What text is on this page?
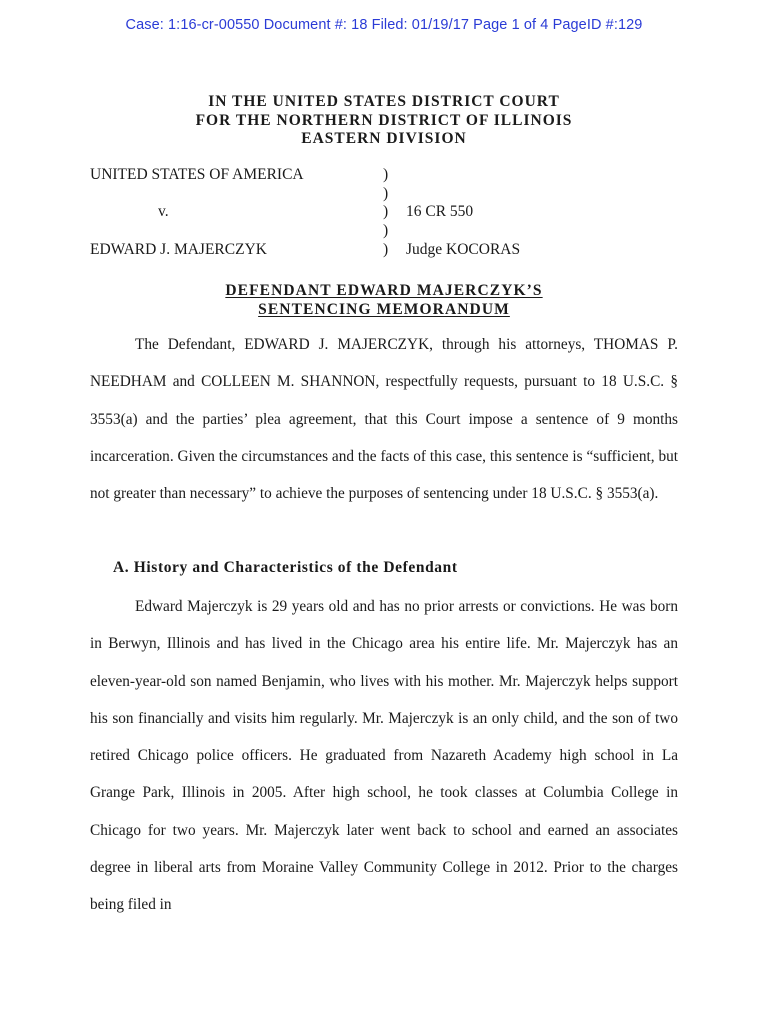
Case: 1:16-cr-00550 Document #: 18 Filed: 01/19/17 Page 1 of 4 PageID #:129
IN THE UNITED STATES DISTRICT COURT
FOR THE NORTHERN DISTRICT OF ILLINOIS
EASTERN DIVISION
UNITED STATES OF AMERICA	)
)
v.	) 16 CR 550
)
EDWARD J. MAJERCZYK	) Judge KOCORAS
DEFENDANT EDWARD MAJERCZYK’S
SENTENCING MEMORANDUM

The Defendant, EDWARD J. MAJERCZYK, through his attorneys, THOMAS P. NEEDHAM and COLLEEN M. SHANNON, respectfully requests, pursuant to 18 U.S.C. § 3553(a) and the parties’ plea agreement, that this Court impose a sentence of 9 months incarceration. Given the circumstances and the facts of this case, this sentence is “sufficient, but not greater than necessary” to achieve the purposes of sentencing under 18 U.S.C. § 3553(a).

A. History and Characteristics of the Defendant

Edward Majerczyk is 29 years old and has no prior arrests or convictions. He was born in Berwyn, Illinois and has lived in the Chicago area his entire life. Mr. Majerczyk has an eleven-year-old son named Benjamin, who lives with his mother. Mr. Majerczyk helps support his son financially and visits him regularly. Mr. Majerczyk is an only child, and the son of two retired Chicago police officers. He graduated from Nazareth Academy high school in La Grange Park, Illinois in 2005. After high school, he took classes at Columbia College in Chicago for two years. Mr. Majerczyk later went back to school and earned an associates degree in liberal arts from Moraine Valley Community College in 2012. Prior to the charges being filed in
